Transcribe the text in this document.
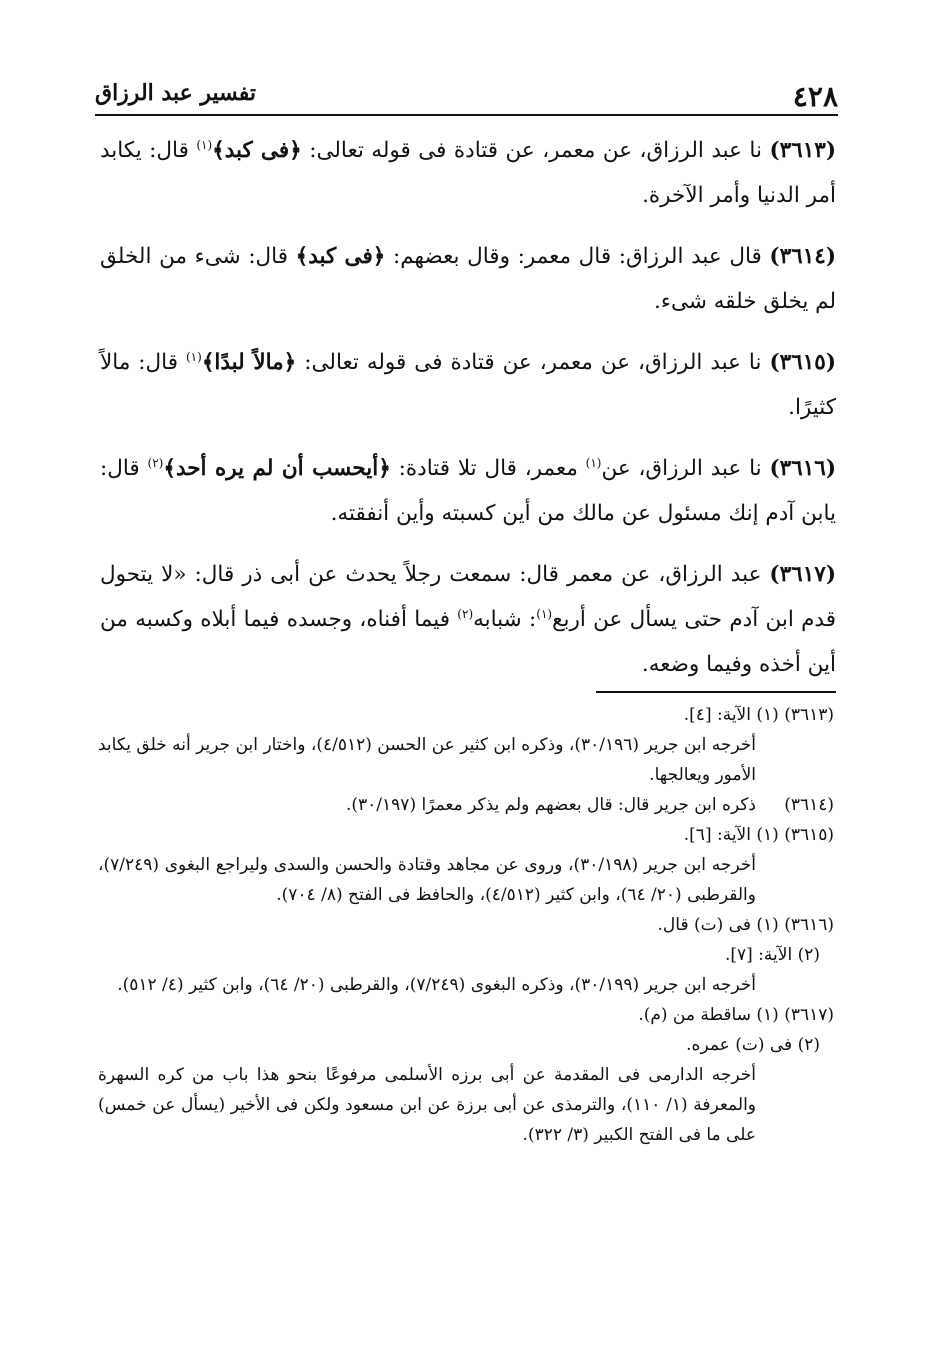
٤٢٨
تفسير عبد الرزاق

(٣٦١٣) نا عبد الرزاق، عن معمر، عن قتادة فى قوله تعالى: ﴿فى كبد﴾$^{(١)}$ قال: يكابد أمر الدنيا وأمر الآخرة.

(٣٦١٤) قال عبد الرزاق: قال معمر: وقال بعضهم: ﴿فى كبد﴾ قال: شىء من الخلق لم يخلق خلقه شىء.

(٣٦١٥) نا عبد الرزاق، عن معمر، عن قتادة فى قوله تعالى: ﴿مالاً لبدًا﴾$^{(١)}$ قال: مالاً كثيرًا.

(٣٦١٦) نا عبد الرزاق، عن$^{(١)}$ معمر، قال تلا قتادة: ﴿أيحسب أن لم يره أحد﴾$^{(٢)}$ قال: يابن آدم إنك مسئول عن مالك من أين كسبته وأين أنفقته.

(٣٦١٧) عبد الرزاق، عن معمر قال: سمعت رجلاً يحدث عن أبى ذر قال: «لا يتحول قدم ابن آدم حتى يسأل عن أربع$^{(١)}$: شبابه$^{(٢)}$ فيما أفناه، وجسده فيما أبلاه وكسبه من أين أخذه وفيما وضعه.

(٣٦١٣) (١) الآية: [٤].

أخرجه ابن جرير (٣٠/١٩٦)، وذكره ابن كثير عن الحسن (٤/٥١٢)، واختار ابن جرير أنه خلق يكابد الأمور ويعالجها.

(٣٦١٤)
ذكره ابن جرير قال: قال بعضهم ولم يذكر معمرًا (٣٠/١٩٧).

(٣٦١٥) (١) الآية: [٦].

أخرجه ابن جرير (٣٠/١٩٨)، وروى عن مجاهد وقتادة والحسن والسدى وليراجع البغوى (٧/٢٤٩)، والقرطبى (٢٠/ ٦٤)، وابن كثير (٤/٥١٢)، والحافظ فى الفتح (٨/ ٧٠٤).

(٣٦١٦) (١) فى (ت) قال.

(٢) الآية: [٧].

أخرجه ابن جرير (٣٠/١٩٩)، وذكره البغوى (٧/٢٤٩)، والقرطبى (٢٠/ ٦٤)، وابن كثير (٤/ ٥١٢).

(٣٦١٧) (١) ساقطة من (م).

(٢) فى (ت) عمره.

أخرجه الدارمى فى المقدمة عن أبى برزه الأسلمى مرفوعًا بنحو هذا باب من كره السهرة والمعرفة (١/ ١١٠)، والترمذى عن أبى برزة عن ابن مسعود ولكن فى الأخير (يسأل عن خمس) على ما فى الفتح الكبير (٣/ ٣٢٢).
